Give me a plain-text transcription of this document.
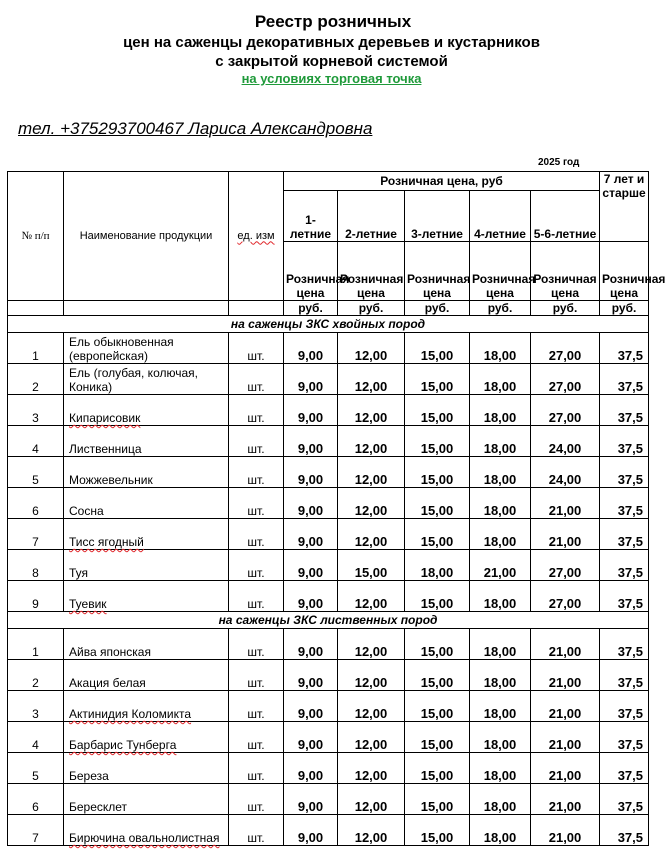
Реестр розничных
цен на саженцы декоративных деревьев и кустарников
с закрытой корневой системой
на условиях торговая точка
тел. +375293700467 Лариса Александровна
2025 год
№ п/п	Наименование продукции	ед. изм	Розничная цена, руб					7 лет и старше
			1-летние	2-летние	3-летние	4-летние	5-6-летние	
			Розничная цена	Розничная цена	Розничная цена	Розничная цена	Розничная цена	Розничная цена
			руб.	руб.	руб.	руб.	руб.	руб.
на саженцы ЗКС хвойных пород								
1	Ель обыкновенная (европейская)	шт.	9,00	12,00	15,00	18,00	27,00	37,5
2	Ель (голубая, колючая, Коника)	шт.	9,00	12,00	15,00	18,00	27,00	37,5
3	Кипарисовик	шт.	9,00	12,00	15,00	18,00	27,00	37,5
4	Лиственница	шт.	9,00	12,00	15,00	18,00	24,00	37,5
5	Можжевельник	шт.	9,00	12,00	15,00	18,00	24,00	37,5
6	Сосна	шт.	9,00	12,00	15,00	18,00	21,00	37,5
7	Тисс ягодный	шт.	9,00	12,00	15,00	18,00	21,00	37,5
8	Туя	шт.	9,00	15,00	18,00	21,00	27,00	37,5
9	Туевик	шт.	9,00	12,00	15,00	18,00	27,00	37,5
на саженцы ЗКС лиственных пород								
1	Айва японская	шт.	9,00	12,00	15,00	18,00	21,00	37,5
2	Акация белая	шт.	9,00	12,00	15,00	18,00	21,00	37,5
3	Актинидия Коломикта	шт.	9,00	12,00	15,00	18,00	21,00	37,5
4	Барбарис Тунберга	шт.	9,00	12,00	15,00	18,00	21,00	37,5
5	Береза	шт.	9,00	12,00	15,00	18,00	21,00	37,5
6	Бересклет	шт.	9,00	12,00	15,00	18,00	21,00	37,5
7	Бирючина овальнолистная	шт.	9,00	12,00	15,00	18,00	21,00	37,5
